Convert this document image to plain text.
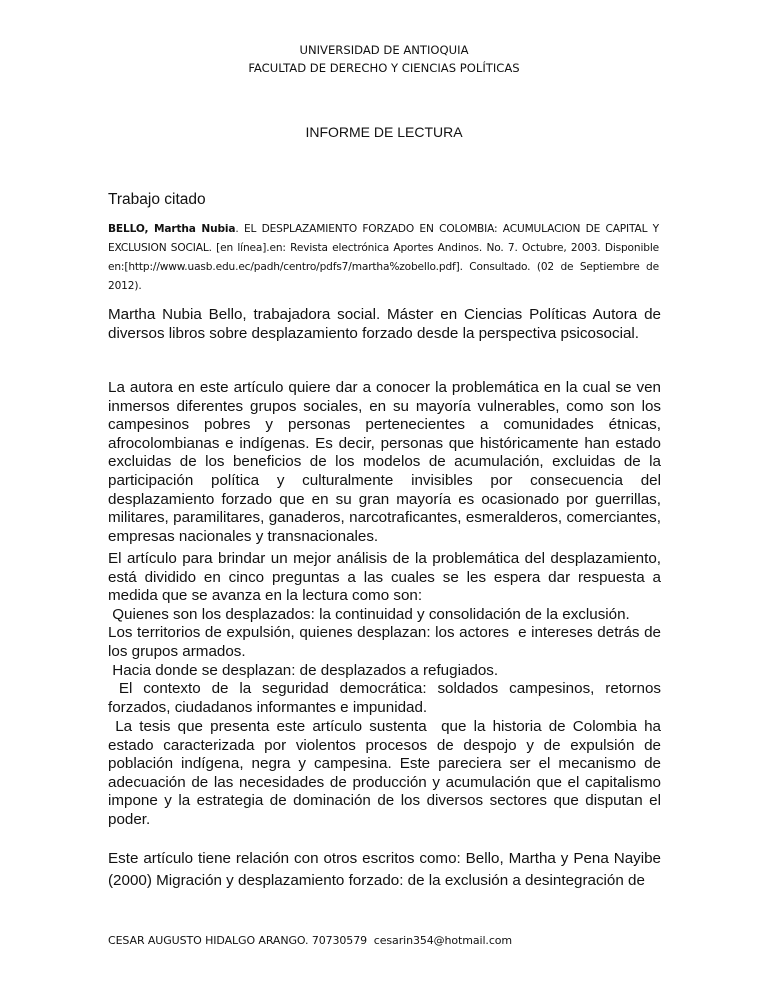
UNIVERSIDAD DE ANTIOQUIA
FACULTAD DE DERECHO Y CIENCIAS POLÍTICAS
INFORME DE LECTURA
Trabajo citado
BELLO, Martha Nubia. EL DESPLAZAMIENTO FORZADO EN COLOMBIA: ACUMULACION DE CAPITAL Y EXCLUSION SOCIAL. [en línea].en: Revista electrónica Aportes Andinos. No. 7. Octubre, 2003. Disponible en:[http://www.uasb.edu.ec/padh/centro/pdfs7/martha%zobello.pdf]. Consultado. (02 de Septiembre de 2012).
Martha Nubia Bello, trabajadora social. Máster en Ciencias Políticas Autora de diversos libros sobre desplazamiento forzado desde la perspectiva psicosocial.
La autora en este artículo quiere dar a conocer la problemática en la cual se ven inmersos diferentes grupos sociales, en su mayoría vulnerables, como son los campesinos pobres y personas pertenecientes a comunidades étnicas, afrocolombianas e indígenas. Es decir, personas que históricamente han estado excluidas de los beneficios de los modelos de acumulación, excluidas de la participación política y culturalmente invisibles por consecuencia del desplazamiento forzado que en su gran mayoría es ocasionado por guerrillas, militares, paramilitares, ganaderos, narcotraficantes, esmeralderos, comerciantes, empresas nacionales y transnacionales.
El artículo para brindar un mejor análisis de la problemática del desplazamiento, está dividido en cinco preguntas a las cuales se les espera dar respuesta a medida que se avanza en la lectura como son:
Quienes son los desplazados: la continuidad y consolidación de la exclusión.
Los territorios de expulsión, quienes desplazan: los actores  e intereses detrás de los grupos armados.
Hacia donde se desplazan: de desplazados a refugiados.
El contexto de la seguridad democrática: soldados campesinos, retornos forzados, ciudadanos informantes e impunidad.
La tesis que presenta este artículo sustenta  que la historia de Colombia ha estado caracterizada por violentos procesos de despojo y de expulsión de población indígena, negra y campesina. Este pareciera ser el mecanismo de adecuación de las necesidades de producción y acumulación que el capitalismo impone y la estrategia de dominación de los diversos sectores que disputan el poder.
Este artículo tiene relación con otros escritos como: Bello, Martha y Pena Nayibe (2000) Migración y desplazamiento forzado: de la exclusión a desintegración de
CESAR AUGUSTO HIDALGO ARANGO. 70730579  cesarin354@hotmail.com
